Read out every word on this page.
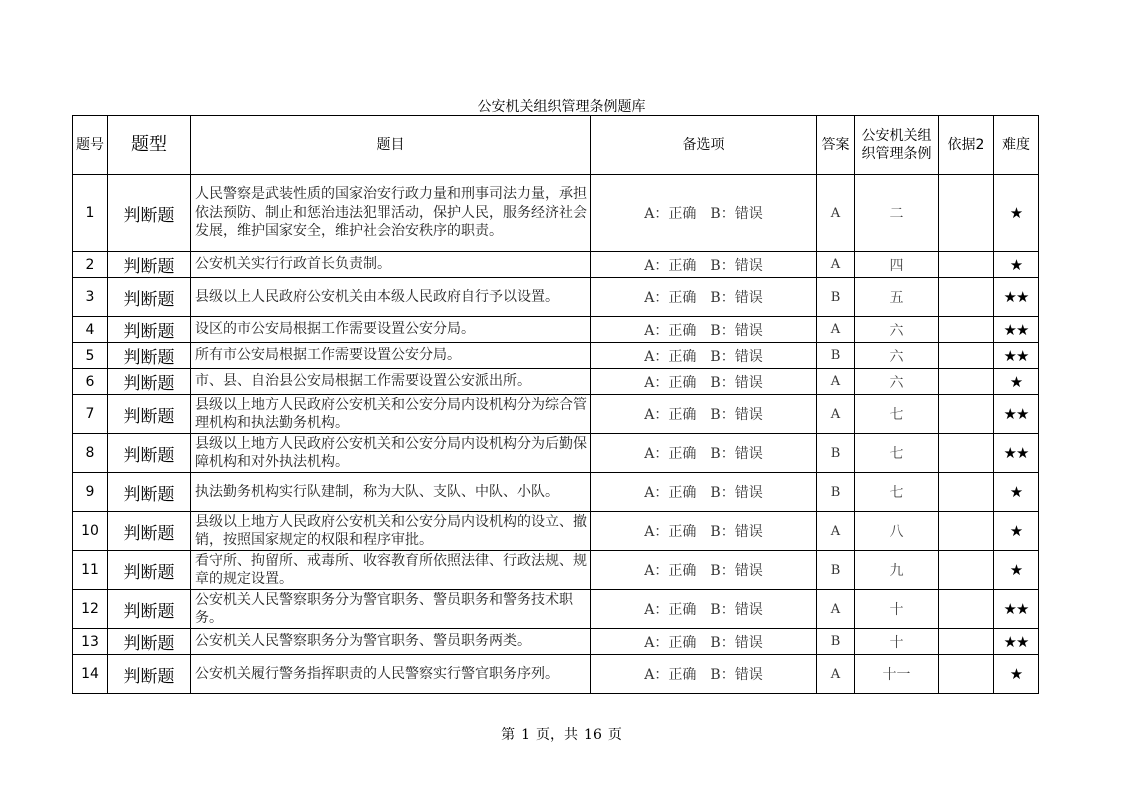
公安机关组织管理条例题库
题号	题型	题目	备选项	答案	公安机关组织管理条例	依据2	难度
1	判断题	人民警察是武装性质的国家治安行政力量和刑事司法力量，承担依法预防、制止和惩治违法犯罪活动，保护人民，服务经济社会发展，维护国家安全，维护社会治安秩序的职责。	A：正确　B：错误	A	二		★
2	判断题	公安机关实行行政首长负责制。	A：正确　B：错误	A	四		★
3	判断题	县级以上人民政府公安机关由本级人民政府自行予以设置。	A：正确　B：错误	B	五		★★
4	判断题	设区的市公安局根据工作需要设置公安分局。	A：正确　B：错误	A	六		★★
5	判断题	所有市公安局根据工作需要设置公安分局。	A：正确　B：错误	B	六		★★
6	判断题	市、县、自治县公安局根据工作需要设置公安派出所。	A：正确　B：错误	A	六		★
7	判断题	县级以上地方人民政府公安机关和公安分局内设机构分为综合管理机构和执法勤务机构。	A：正确　B：错误	A	七		★★
8	判断题	县级以上地方人民政府公安机关和公安分局内设机构分为后勤保障机构和对外执法机构。	A：正确　B：错误	B	七		★★
9	判断题	执法勤务机构实行队建制，称为大队、支队、中队、小队。	A：正确　B：错误	B	七		★
10	判断题	县级以上地方人民政府公安机关和公安分局内设机构的设立、撤销，按照国家规定的权限和程序审批。	A：正确　B：错误	A	八		★
11	判断题	看守所、拘留所、戒毒所、收容教育所依照法律、行政法规、规章的规定设置。	A：正确　B：错误	B	九		★
12	判断题	公安机关人民警察职务分为警官职务、警员职务和警务技术职务。	A：正确　B：错误	A	十		★★
13	判断题	公安机关人民警察职务分为警官职务、警员职务两类。	A：正确　B：错误	B	十		★★
14	判断题	公安机关履行警务指挥职责的人民警察实行警官职务序列。	A：正确　B：错误	A	十一		★
第 1 页，共 16 页
